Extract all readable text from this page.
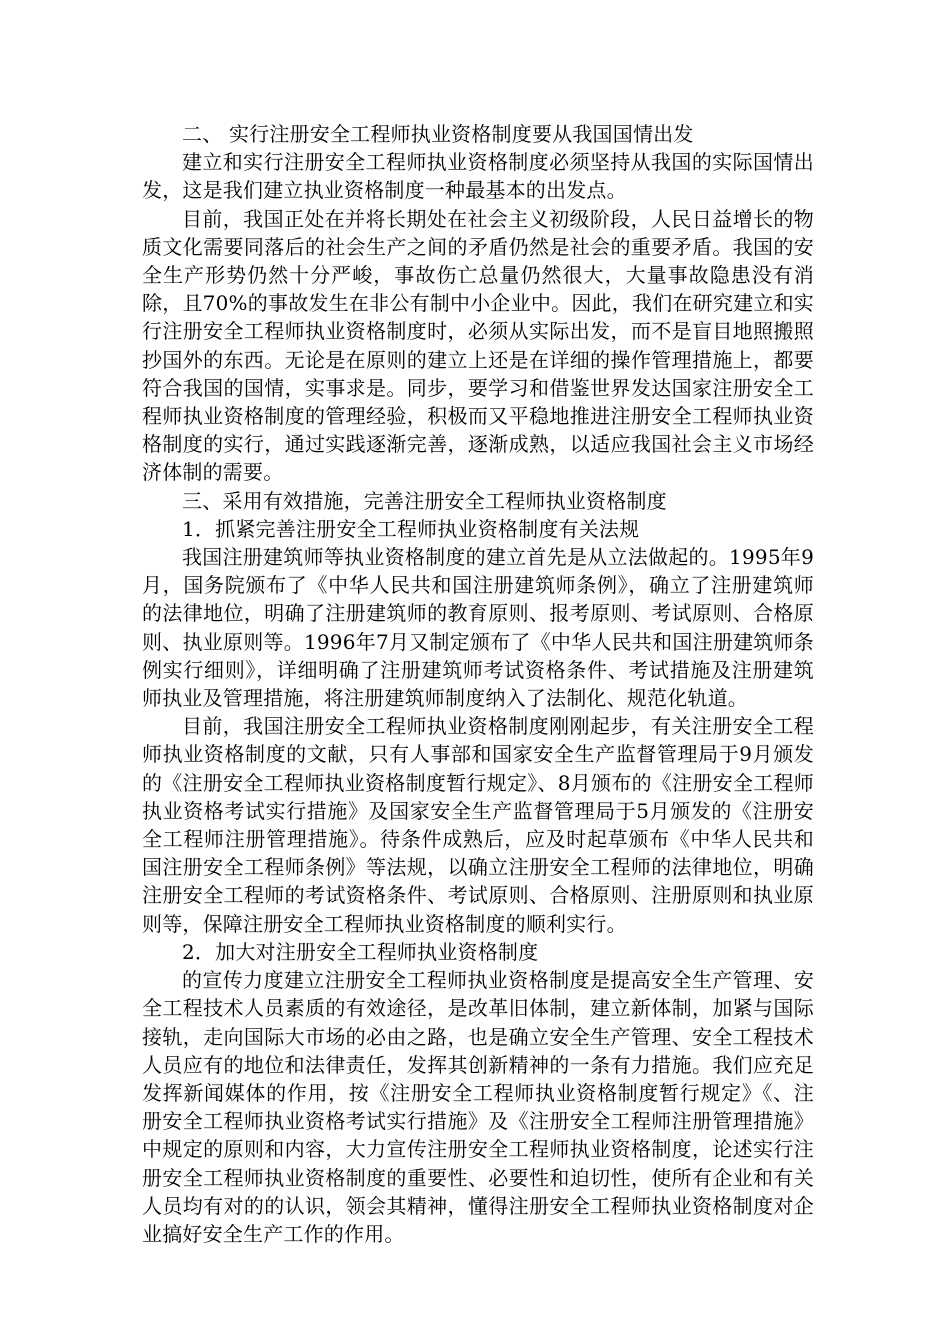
二、 实行注册安全工程师执业资格制度要从我国国情出发

建立和实行注册安全工程师执业资格制度必须坚持从我国的实际国情出发，这是我们建立执业资格制度一种最基本的出发点。

目前，我国正处在并将长期处在社会主义初级阶段，人民日益增长的物质文化需要同落后的社会生产之间的矛盾仍然是社会的重要矛盾。我国的安全生产形势仍然十分严峻，事故伤亡总量仍然很大，大量事故隐患没有消除，且70%的事故发生在非公有制中小企业中。因此，我们在研究建立和实行注册安全工程师执业资格制度时，必须从实际出发，而不是盲目地照搬照抄国外的东西。无论是在原则的建立上还是在详细的操作管理措施上，都要符合我国的国情，实事求是。同步，要学习和借鉴世界发达国家注册安全工程师执业资格制度的管理经验，积极而又平稳地推进注册安全工程师执业资格制度的实行，通过实践逐渐完善，逐渐成熟，以适应我国社会主义市场经济体制的需要。

三、采用有效措施，完善注册安全工程师执业资格制度

1．抓紧完善注册安全工程师执业资格制度有关法规

我国注册建筑师等执业资格制度的建立首先是从立法做起的。1995年9月，国务院颁布了《中华人民共和国注册建筑师条例》，确立了注册建筑师的法律地位，明确了注册建筑师的教育原则、报考原则、考试原则、合格原则、执业原则等。1996年7月又制定颁布了《中华人民共和国注册建筑师条例实行细则》，详细明确了注册建筑师考试资格条件、考试措施及注册建筑师执业及管理措施，将注册建筑师制度纳入了法制化、规范化轨道。

目前，我国注册安全工程师执业资格制度刚刚起步，有关注册安全工程师执业资格制度的文献，只有人事部和国家安全生产监督管理局于9月颁发的《注册安全工程师执业资格制度暂行规定》、8月颁布的《注册安全工程师执业资格考试实行措施》及国家安全生产监督管理局于5月颁发的《注册安全工程师注册管理措施》。待条件成熟后，应及时起草颁布《中华人民共和国注册安全工程师条例》等法规，以确立注册安全工程师的法律地位，明确注册安全工程师的考试资格条件、考试原则、合格原则、注册原则和执业原则等，保障注册安全工程师执业资格制度的顺利实行。

2．加大对注册安全工程师执业资格制度

的宣传力度建立注册安全工程师执业资格制度是提高安全生产管理、安全工程技术人员素质的有效途径，是改革旧体制，建立新体制，加紧与国际接轨，走向国际大市场的必由之路，也是确立安全生产管理、安全工程技术人员应有的地位和法律责任，发挥其创新精神的一条有力措施。我们应充足发挥新闻媒体的作用，按《注册安全工程师执业资格制度暂行规定》《、注册安全工程师执业资格考试实行措施》及《注册安全工程师注册管理措施》中规定的原则和内容，大力宣传注册安全工程师执业资格制度，论述实行注册安全工程师执业资格制度的重要性、必要性和迫切性，使所有企业和有关人员均有对的的认识，领会其精神，懂得注册安全工程师执业资格制度对企业搞好安全生产工作的作用。
